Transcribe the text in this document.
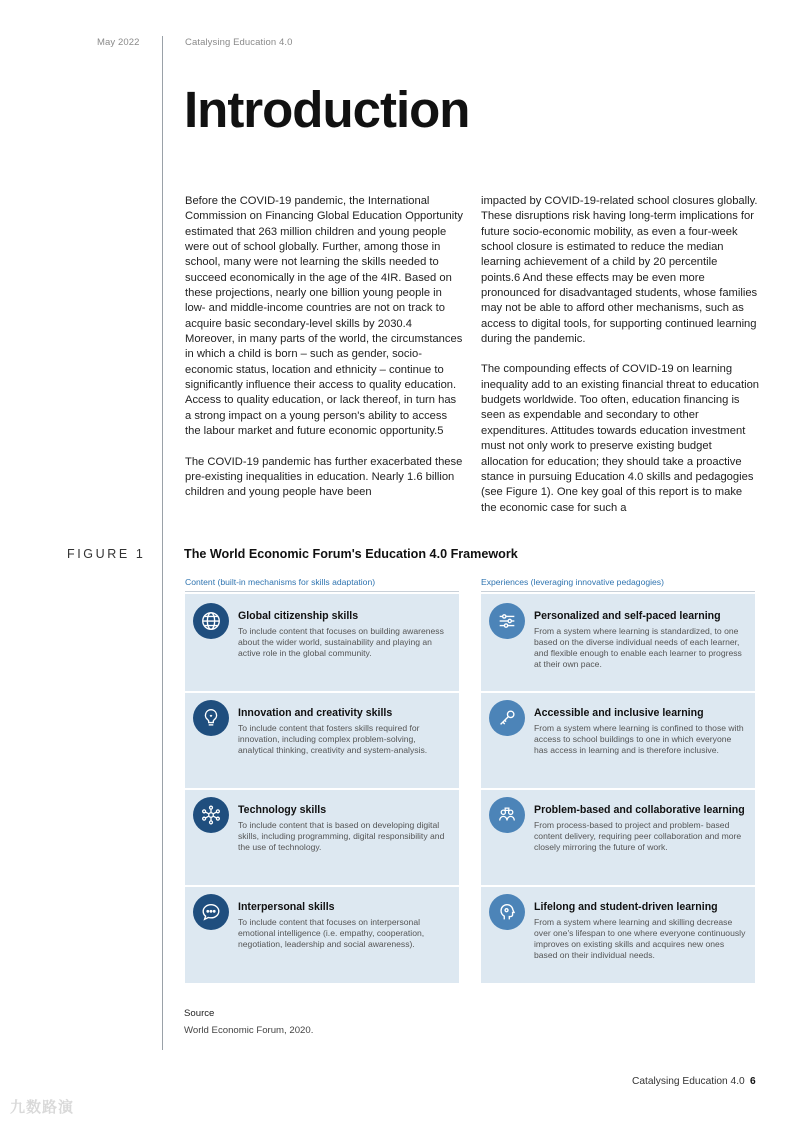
May 2022	Catalysing Education 4.0
Introduction

Before the COVID-19 pandemic, the International Commission on Financing Global Education Opportunity estimated that 263 million children and young people were out of school globally. Further, among those in school, many were not learning the skills needed to succeed economically in the age of the 4IR. Based on these projections, nearly one billion young people in low- and middle-income countries are not on track to acquire basic secondary-level skills by 2030.4 Moreover, in many parts of the world, the circumstances in which a child is born – such as gender, socio-economic status, location and ethnicity – continue to significantly influence their access to quality education. Access to quality education, or lack thereof, in turn has a strong impact on a young person's ability to access the labour market and future economic opportunity.5

The COVID-19 pandemic has further exacerbated these pre-existing inequalities in education. Nearly 1.6 billion children and young people have been

impacted by COVID-19-related school closures globally. These disruptions risk having long-term implications for future socio-economic mobility, as even a four-week school closure is estimated to reduce the median learning achievement of a child by 20 percentile points.6 And these effects may be even more pronounced for disadvantaged students, whose families may not be able to afford other mechanisms, such as access to digital tools, for supporting continued learning during the pandemic.

The compounding effects of COVID-19 on learning inequality add to an existing financial threat to education budgets worldwide. Too often, education financing is seen as expendable and secondary to other expenditures. Attitudes towards education investment must not only work to preserve existing budget allocation for education; they should take a proactive stance in pursuing Education 4.0 skills and pedagogies (see Figure 1). One key goal of this report is to make the economic case for such a

FIGURE 1	The World Economic Forum's Education 4.0 Framework
Content (built-in mechanisms for skills adaptation)	Experiences (leveraging innovative pedagogies)
Global citizenship skills
To include content that focuses on building awareness about the wider world, sustainability and playing an active role in the global community.
Innovation and creativity skills
To include content that fosters skills required for innovation, including complex problem-solving, analytical thinking, creativity and system-analysis.
Technology skills
To include content that is based on developing digital skills, including programming, digital responsibility and the use of technology.
Interpersonal skills
To include content that focuses on interpersonal emotional intelligence (i.e. empathy, cooperation, negotiation, leadership and social awareness).
Personalized and self-paced learning
From a system where learning is standardized, to one based on the diverse individual needs of each learner, and flexible enough to enable each learner to progress at their own pace.
Accessible and inclusive learning
From a system where learning is confined to those with access to school buildings to one in which everyone has access in learning and is therefore inclusive.
Problem-based and collaborative learning
From process-based to project and problem- based content delivery, requiring peer collaboration and more closely mirroring the future of work.
Lifelong and student-driven learning
From a system where learning and skilling decrease over one's lifespan to one where everyone continuously improves on existing skills and acquires new ones based on their individual needs.
Source
World Economic Forum, 2020.
Catalysing Education 4.0 6
九数路演
